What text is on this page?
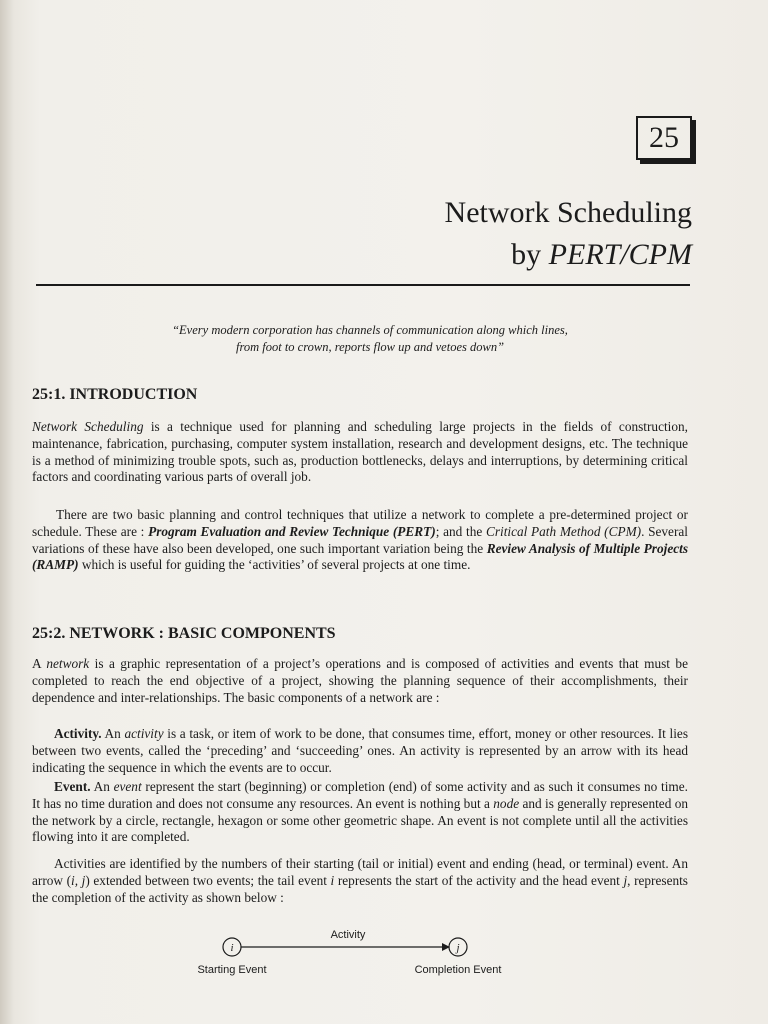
25
Network Scheduling
by PERT/CPM
“Every modern corporation has channels of communication along which lines,
from foot to crown, reports flow up and vetoes down”
25:1. INTRODUCTION

Network Scheduling is a technique used for planning and scheduling large projects in the fields of construction, maintenance, fabrication, purchasing, computer system installation, research and development designs, etc. The technique is a method of minimizing trouble spots, such as, production bottlenecks, delays and interruptions, by determining critical factors and coordinating various parts of overall job.

There are two basic planning and control techniques that utilize a network to complete a pre-determined project or schedule. These are : Program Evaluation and Review Technique (PERT); and the Critical Path Method (CPM). Several variations of these have also been developed, one such important variation being the Review Analysis of Multiple Projects (RAMP) which is useful for guiding the ‘activities’ of several projects at one time.

25:2. NETWORK : BASIC COMPONENTS

A network is a graphic representation of a project’s operations and is composed of activities and events that must be completed to reach the end objective of a project, showing the planning sequence of their accomplishments, their dependence and inter-relationships. The basic components of a network are :

Activity. An activity is a task, or item of work to be done, that consumes time, effort, money or other resources. It lies between two events, called the ‘preceding’ and ‘succeeding’ ones. An activity is represented by an arrow with its head indicating the sequence in which the events are to occur.

Event. An event represent the start (beginning) or completion (end) of some activity and as such it consumes no time. It has no time duration and does not consume any resources. An event is nothing but a node and is generally represented on the network by a circle, rectangle, hexagon or some other geometric shape. An event is not complete until all the activities flowing into it are completed.

Activities are identified by the numbers of their starting (tail or initial) event and ending (head, or terminal) event. An arrow (i, j) extended between two events; the tail event i represents the start of the activity and the head event j, represents the completion of the activity as shown below :

Activity
i	j
Starting Event	Completion Event
